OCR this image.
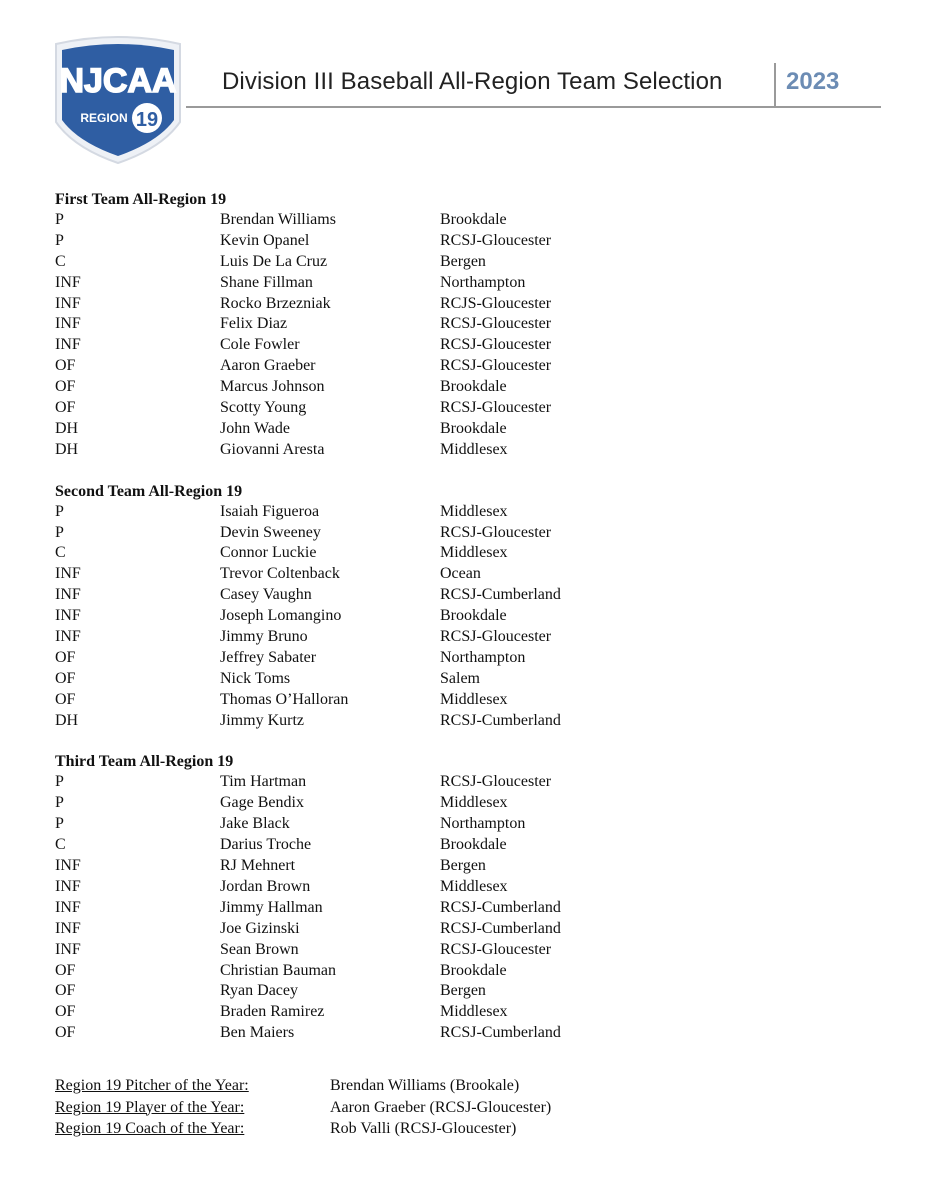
NJCAA
REGION 19
Division III Baseball All-Region Team Selection	2023
First Team All-Region 19
P	Brendan Williams	Brookdale
P	Kevin Opanel	RCSJ-Gloucester
C	Luis De La Cruz	Bergen
INF	Shane Fillman	Northampton
INF	Rocko Brzezniak	RCJS-Gloucester
INF	Felix Diaz	RCSJ-Gloucester
INF	Cole Fowler	RCSJ-Gloucester
OF	Aaron Graeber	RCSJ-Gloucester
OF	Marcus Johnson	Brookdale
OF	Scotty Young	RCSJ-Gloucester
DH	John Wade	Brookdale
DH	Giovanni Aresta	Middlesex
Second Team All-Region 19
P	Isaiah Figueroa	Middlesex
P	Devin Sweeney	RCSJ-Gloucester
C	Connor Luckie	Middlesex
INF	Trevor Coltenback	Ocean
INF	Casey Vaughn	RCSJ-Cumberland
INF	Joseph Lomangino	Brookdale
INF	Jimmy Bruno	RCSJ-Gloucester
OF	Jeffrey Sabater	Northampton
OF	Nick Toms	Salem
OF	Thomas O’Halloran	Middlesex
DH	Jimmy Kurtz	RCSJ-Cumberland
Third Team All-Region 19
P	Tim Hartman	RCSJ-Gloucester
P	Gage Bendix	Middlesex
P	Jake Black	Northampton
C	Darius Troche	Brookdale
INF	RJ Mehnert	Bergen
INF	Jordan Brown	Middlesex
INF	Jimmy Hallman	RCSJ-Cumberland
INF	Joe Gizinski	RCSJ-Cumberland
INF	Sean Brown	RCSJ-Gloucester
OF	Christian Bauman	Brookdale
OF	Ryan Dacey	Bergen
OF	Braden Ramirez	Middlesex
OF	Ben Maiers	RCSJ-Cumberland
Region 19 Pitcher of the Year:	Brendan Williams (Brookale)
Region 19 Player of the Year:	Aaron Graeber (RCSJ-Gloucester)
Region 19 Coach of the Year:	Rob Valli (RCSJ-Gloucester)
